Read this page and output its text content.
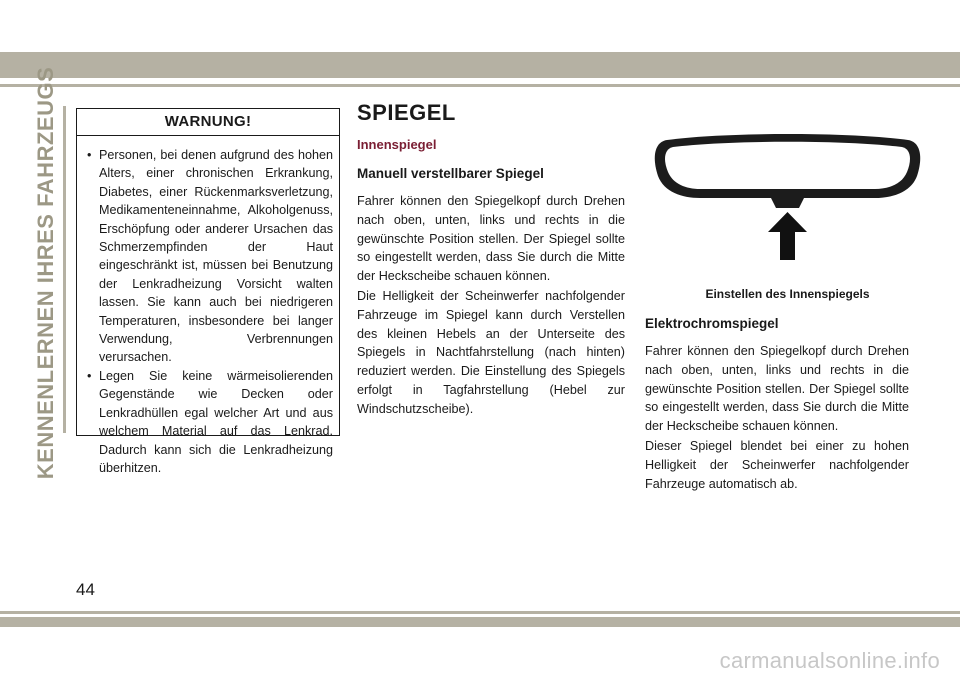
KENNENLERNEN IHRES FAHRZEUGS	WARNUNG!
• Personen, bei denen aufgrund des hohen Alters, einer chronischen Erkrankung, Diabetes, einer Rückenmarksverletzung, Medikamenteneinnahme, Alkoholgenuss, Erschöpfung oder anderer Ursachen das Schmerzempfinden der Haut eingeschränkt ist, müssen bei Benutzung der Lenkradheizung Vorsicht walten lassen. Sie kann auch bei niedrigeren Temperaturen, insbesondere bei langer Verwendung, Verbrennungen verursachen.
• Legen Sie keine wärmeisolierenden Gegenstände wie Decken oder Lenkradhüllen egal welcher Art und aus welchem Material auf das Lenkrad. Dadurch kann sich die Lenkradheizung überhitzen.
SPIEGEL
Innenspiegel
Manuell verstellbarer Spiegel

Fahrer können den Spiegelkopf durch Drehen nach oben, unten, links und rechts in die gewünschte Position stellen. Der Spiegel sollte so eingestellt werden, dass Sie durch die Mitte der Heckscheibe schauen können.

Die Helligkeit der Scheinwerfer nachfolgender Fahrzeuge im Spiegel kann durch Verstellen des kleinen Hebels an der Unterseite des Spiegels in Nachtfahrstellung (nach hinten) reduziert werden. Die Einstellung des Spiegels erfolgt in Tagfahrstellung (Hebel zur Windschutzscheibe).

Einstellen des Innenspiegels

Elektrochromspiegel

Fahrer können den Spiegelkopf durch Drehen nach oben, unten, links und rechts in die gewünschte Position stellen. Der Spiegel sollte so eingestellt werden, dass Sie durch die Mitte der Heckscheibe schauen können.

Dieser Spiegel blendet bei einer zu hohen Helligkeit der Scheinwerfer nachfolgender Fahrzeuge automatisch ab.

44

carmanualsonline.info
